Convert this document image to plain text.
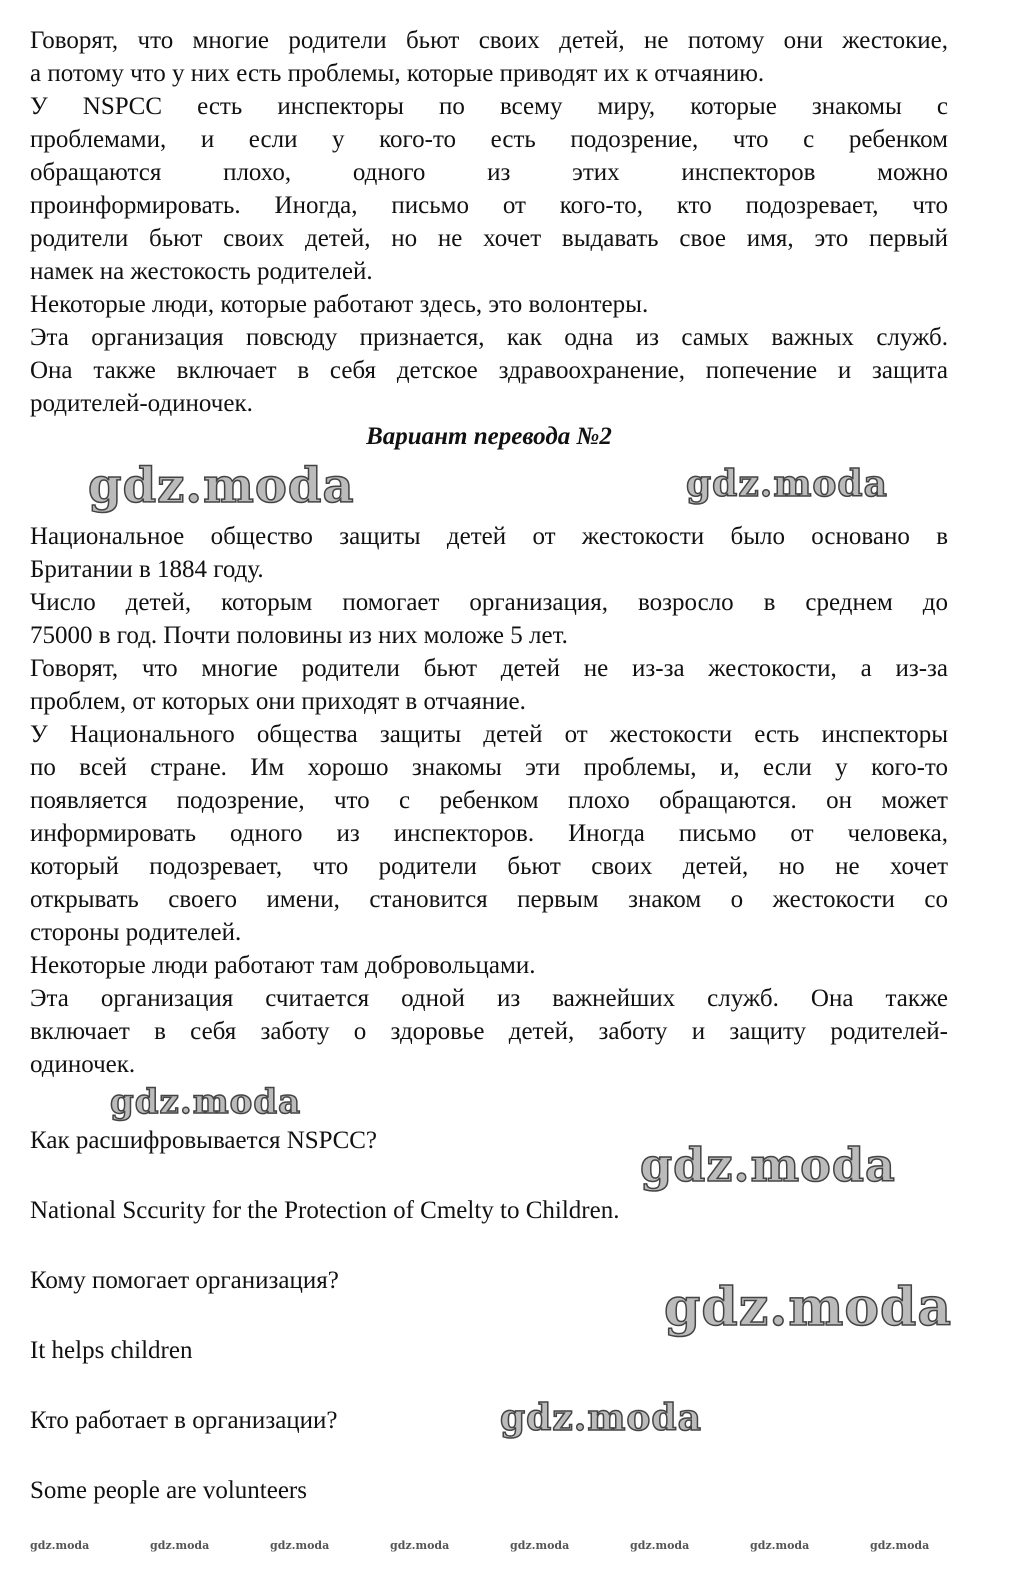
Говорят, что многие родители бьют своих детей, не потому они жестокие,
а потому что у них есть проблемы, которые приводят их к отчаянию.
У NSPCC есть инспекторы по всему миру, которые знакомы с
проблемами, и если у кого-то есть подозрение, что с ребенком
обращаются плохо, одного из этих инспекторов можно
проинформировать. Иногда, письмо от кого-то, кто подозревает, что
родители бьют своих детей, но не хочет выдавать свое имя, это первый
намек на жестокость родителей.
Некоторые люди, которые работают здесь, это волонтеры.
Эта организация повсюду признается, как одна из самых важных служб.
Она также включает в себя детское здравоохранение, попечение и защита
родителей-одиночек.
Вариант перевода №2
Национальное общество защиты детей от жестокости было основано в
Британии в 1884 году.
Число детей, которым помогает организация, возросло в среднем до
75000 в год. Почти половины из них моложе 5 лет.
Говорят, что многие родители бьют детей не из-за жестокости, а из-за
проблем, от которых они приходят в отчаяние.
У Национального общества защиты детей от жестокости есть инспекторы
по всей стране. Им хорошо знакомы эти проблемы, и, если у кого-то
появляется подозрение, что с ребенком плохо обращаются. он может
информировать одного из инспекторов. Иногда письмо от человека,
который подозревает, что родители бьют своих детей, но не хочет
открывать своего имени, становится первым знаком о жестокости со
стороны родителей.
Некоторые люди работают там добровольцами.
Эта организация считается одной из важнейших служб. Она также
включает в себя заботу о здоровье детей, заботу и защиту родителей-
одиночек.
Как расшифровывается NSPCC?
National Sccurity for the Protection of Cmelty to Children.
Кому помогает организация?
It helps children
Кто работает в организации?
Some people are volunteers
gdz.moda	gdz.moda
gdz.moda
gdz.moda
gdz.moda
gdz.moda
gdz.moda	gdz.moda	gdz.moda	gdz.moda	gdz.moda	gdz.moda	gdz.moda	gdz.moda
